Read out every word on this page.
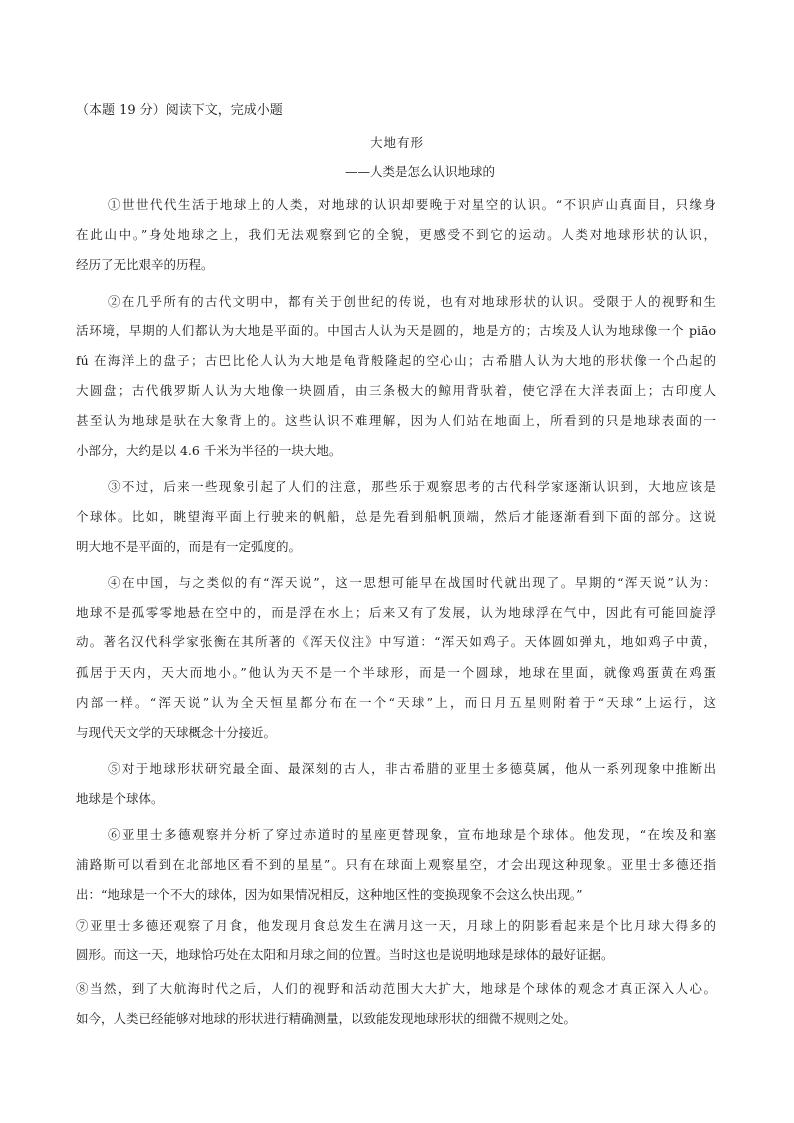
（本题 19 分）阅读下文，完成小题
大地有形
——人类是怎么认识地球的
①世世代代生活于地球上的人类，对地球的认识却要晚于对星空的认识。“不识庐山真面目，只缘身
在此山中。”身处地球之上，我们无法观察到它的全貌，更感受不到它的运动。人类对地球形状的认识，
经历了无比艰辛的历程。
②在几乎所有的古代文明中，都有关于创世纪的传说，也有对地球形状的认识。受限于人的视野和生
活环境，早期的人们都认为大地是平面的。中国古人认为天是圆的，地是方的；古埃及人认为地球像一个 piāo
fú 在海洋上的盘子；古巴比伦人认为大地是龟背般隆起的空心山；古希腊人认为大地的形状像一个凸起的
大圆盘；古代俄罗斯人认为大地像一块圆盾，由三条极大的鲸用背驮着，使它浮在大洋表面上；古印度人
甚至认为地球是驮在大象背上的。这些认识不难理解，因为人们站在地面上，所看到的只是地球表面的一
小部分，大约是以 4.6 千米为半径的一块大地。
③不过，后来一些现象引起了人们的注意，那些乐于观察思考的古代科学家逐渐认识到，大地应该是
个球体。比如，眺望海平面上行驶来的帆船，总是先看到船帆顶端，然后才能逐渐看到下面的部分。这说
明大地不是平面的，而是有一定弧度的。
④在中国，与之类似的有“浑天说”，这一思想可能早在战国时代就出现了。早期的“浑天说”认为：
地球不是孤零零地悬在空中的，而是浮在水上；后来又有了发展，认为地球浮在气中，因此有可能回旋浮
动。著名汉代科学家张衡在其所著的《浑天仪注》中写道：“浑天如鸡子。天体圆如弹丸，地如鸡子中黄，
孤居于天内，天大而地小。”他认为天不是一个半球形，而是一个圆球，地球在里面，就像鸡蛋黄在鸡蛋
内部一样。“浑天说”认为全天恒星都分布在一个“天球”上，而日月五星则附着于“天球”上运行，这
与现代天文学的天球概念十分接近。
⑤对于地球形状研究最全面、最深刻的古人，非古希腊的亚里士多德莫属，他从一系列现象中推断出
地球是个球体。
⑥亚里士多德观察并分析了穿过赤道时的星座更替现象，宣布地球是个球体。他发现，“在埃及和塞
浦路斯可以看到在北部地区看不到的星星”。只有在球面上观察星空，才会出现这种现象。亚里士多德还指
出：“地球是一个不大的球体，因为如果情况相反，这种地区性的变换现象不会这么快出现。”
⑦亚里士多德还观察了月食，他发现月食总发生在满月这一天，月球上的阴影看起来是个比月球大得多的
圆形。而这一天，地球恰巧处在太阳和月球之间的位置。当时这也是说明地球是球体的最好证据。
⑧当然，到了大航海时代之后，人们的视野和活动范围大大扩大，地球是个球体的观念才真正深入人心。
如今，人类已经能够对地球的形状进行精确测量，以致能发现地球形状的细微不规则之处。
